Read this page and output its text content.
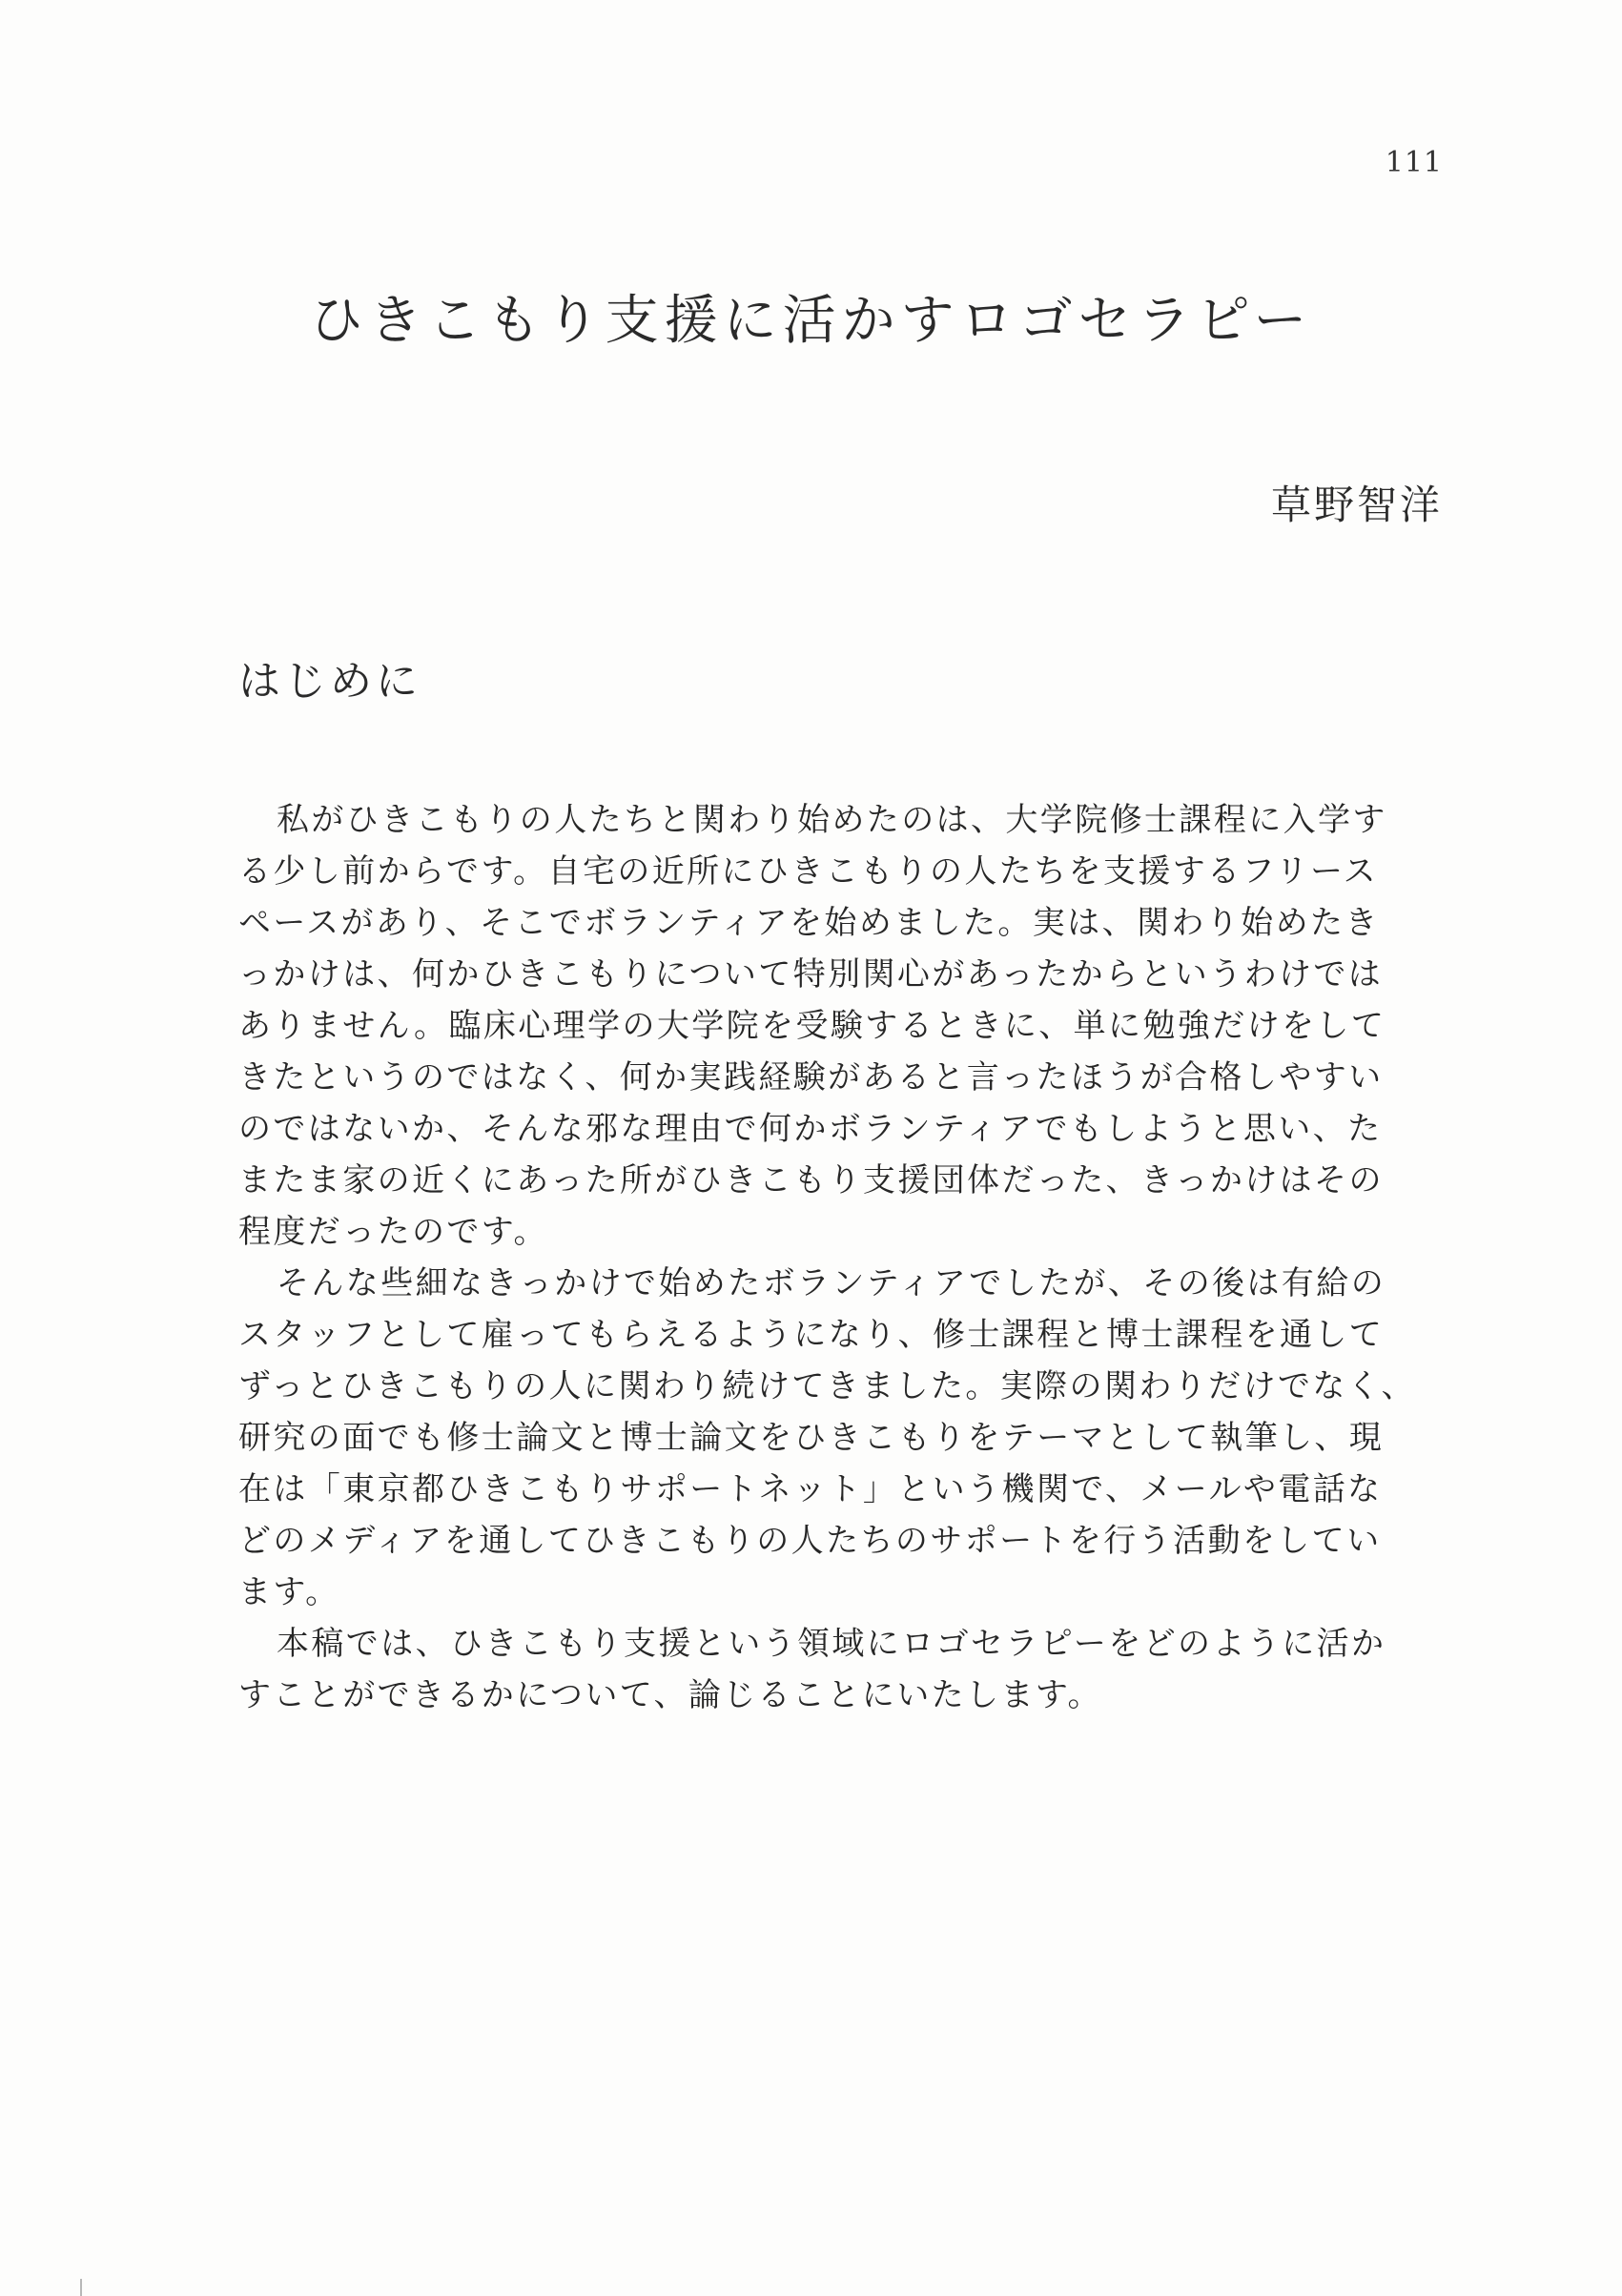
111
ひきこもり支援に活かすロゴセラピー
草野智洋
はじめに
私がひきこもりの人たちと関わり始めたのは、大学院修士課程に入学す
る少し前からです。自宅の近所にひきこもりの人たちを支援するフリース
ペースがあり、そこでボランティアを始めました。実は、関わり始めたき
っかけは、何かひきこもりについて特別関心があったからというわけでは
ありません。臨床心理学の大学院を受験するときに、単に勉強だけをして
きたというのではなく、何か実践経験があると言ったほうが合格しやすい
のではないか、そんな邪な理由で何かボランティアでもしようと思い、た
またま家の近くにあった所がひきこもり支援団体だった、きっかけはその
程度だったのです。
そんな些細なきっかけで始めたボランティアでしたが、その後は有給の
スタッフとして雇ってもらえるようになり、修士課程と博士課程を通して
ずっとひきこもりの人に関わり続けてきました。実際の関わりだけでなく、
研究の面でも修士論文と博士論文をひきこもりをテーマとして執筆し、現
在は「東京都ひきこもりサポートネット」という機関で、メールや電話な
どのメディアを通してひきこもりの人たちのサポートを行う活動をしてい
ます。
本稿では、ひきこもり支援という領域にロゴセラピーをどのように活か
すことができるかについて、論じることにいたします。
